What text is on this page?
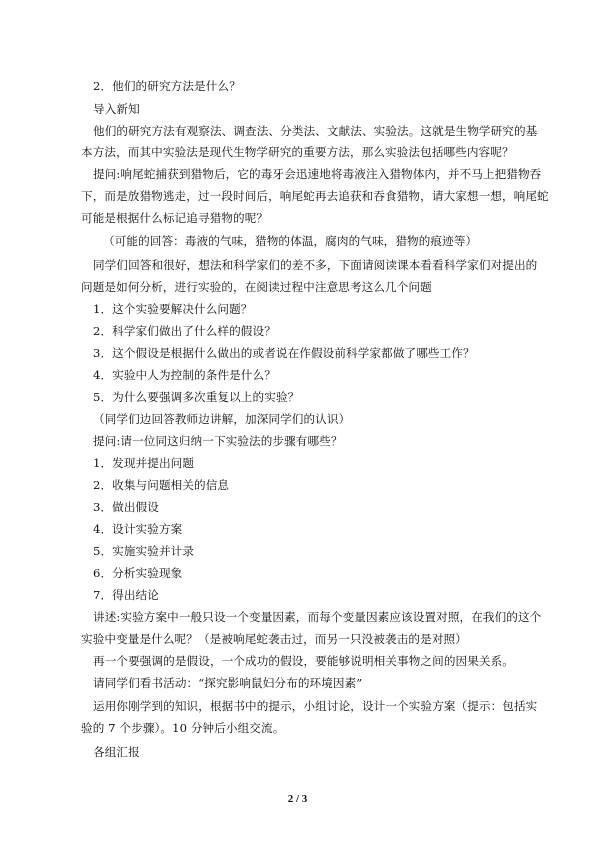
2．他们的研究方法是什么？
导入新知
他们的研究方法有观察法、调查法、分类法、文献法、实验法。这就是生物学研究的基
本方法，而其中实验法是现代生物学研究的重要方法，那么实验法包括哪些内容呢？
提问:响尾蛇捕获到猎物后，它的毒牙会迅速地将毒液注入猎物体内，并不马上把猎物吞
下，而是放猎物逃走，过一段时间后，响尾蛇再去追获和吞食猎物，请大家想一想，响尾蛇
可能是根据什么标记追寻猎物的呢？
（可能的回答：毒液的气味，猎物的体温，腐肉的气味，猎物的痕迹等）
同学们回答和很好，想法和科学家们的差不多，下面请阅读课本看看科学家们对提出的
问题是如何分析，进行实验的，在阅读过程中注意思考这么几个问题
1．这个实验要解决什么问题？
2．科学家们做出了什么样的假设？
3．这个假设是根据什么做出的或者说在作假设前科学家都做了哪些工作？
4．实验中人为控制的条件是什么？
5．为什么要强调多次重复以上的实验？
（同学们边回答教师边讲解，加深同学们的认识）
提问:请一位同这归纳一下实验法的步骤有哪些？
1．发现并提出问题
2．收集与问题相关的信息
3．做出假设
4．设计实验方案
5．实施实验并计录
6．分析实验现象
7．得出结论
讲述:实验方案中一般只设一个变量因素，而每个变量因素应该设置对照，在我们的这个
实验中变量是什么呢？（是被响尾蛇袭击过，而另一只没被袭击的是对照）
再一个要强调的是假设，一个成功的假设，要能够说明相关事物之间的因果关系。
请同学们看书活动：“探究影响鼠妇分布的环境因素”
运用你刚学到的知识，根据书中的提示，小组讨论，设计一个实验方案（提示：包括实
验的 7 个步骤）。10 分钟后小组交流。
各组汇报
2 / 3
